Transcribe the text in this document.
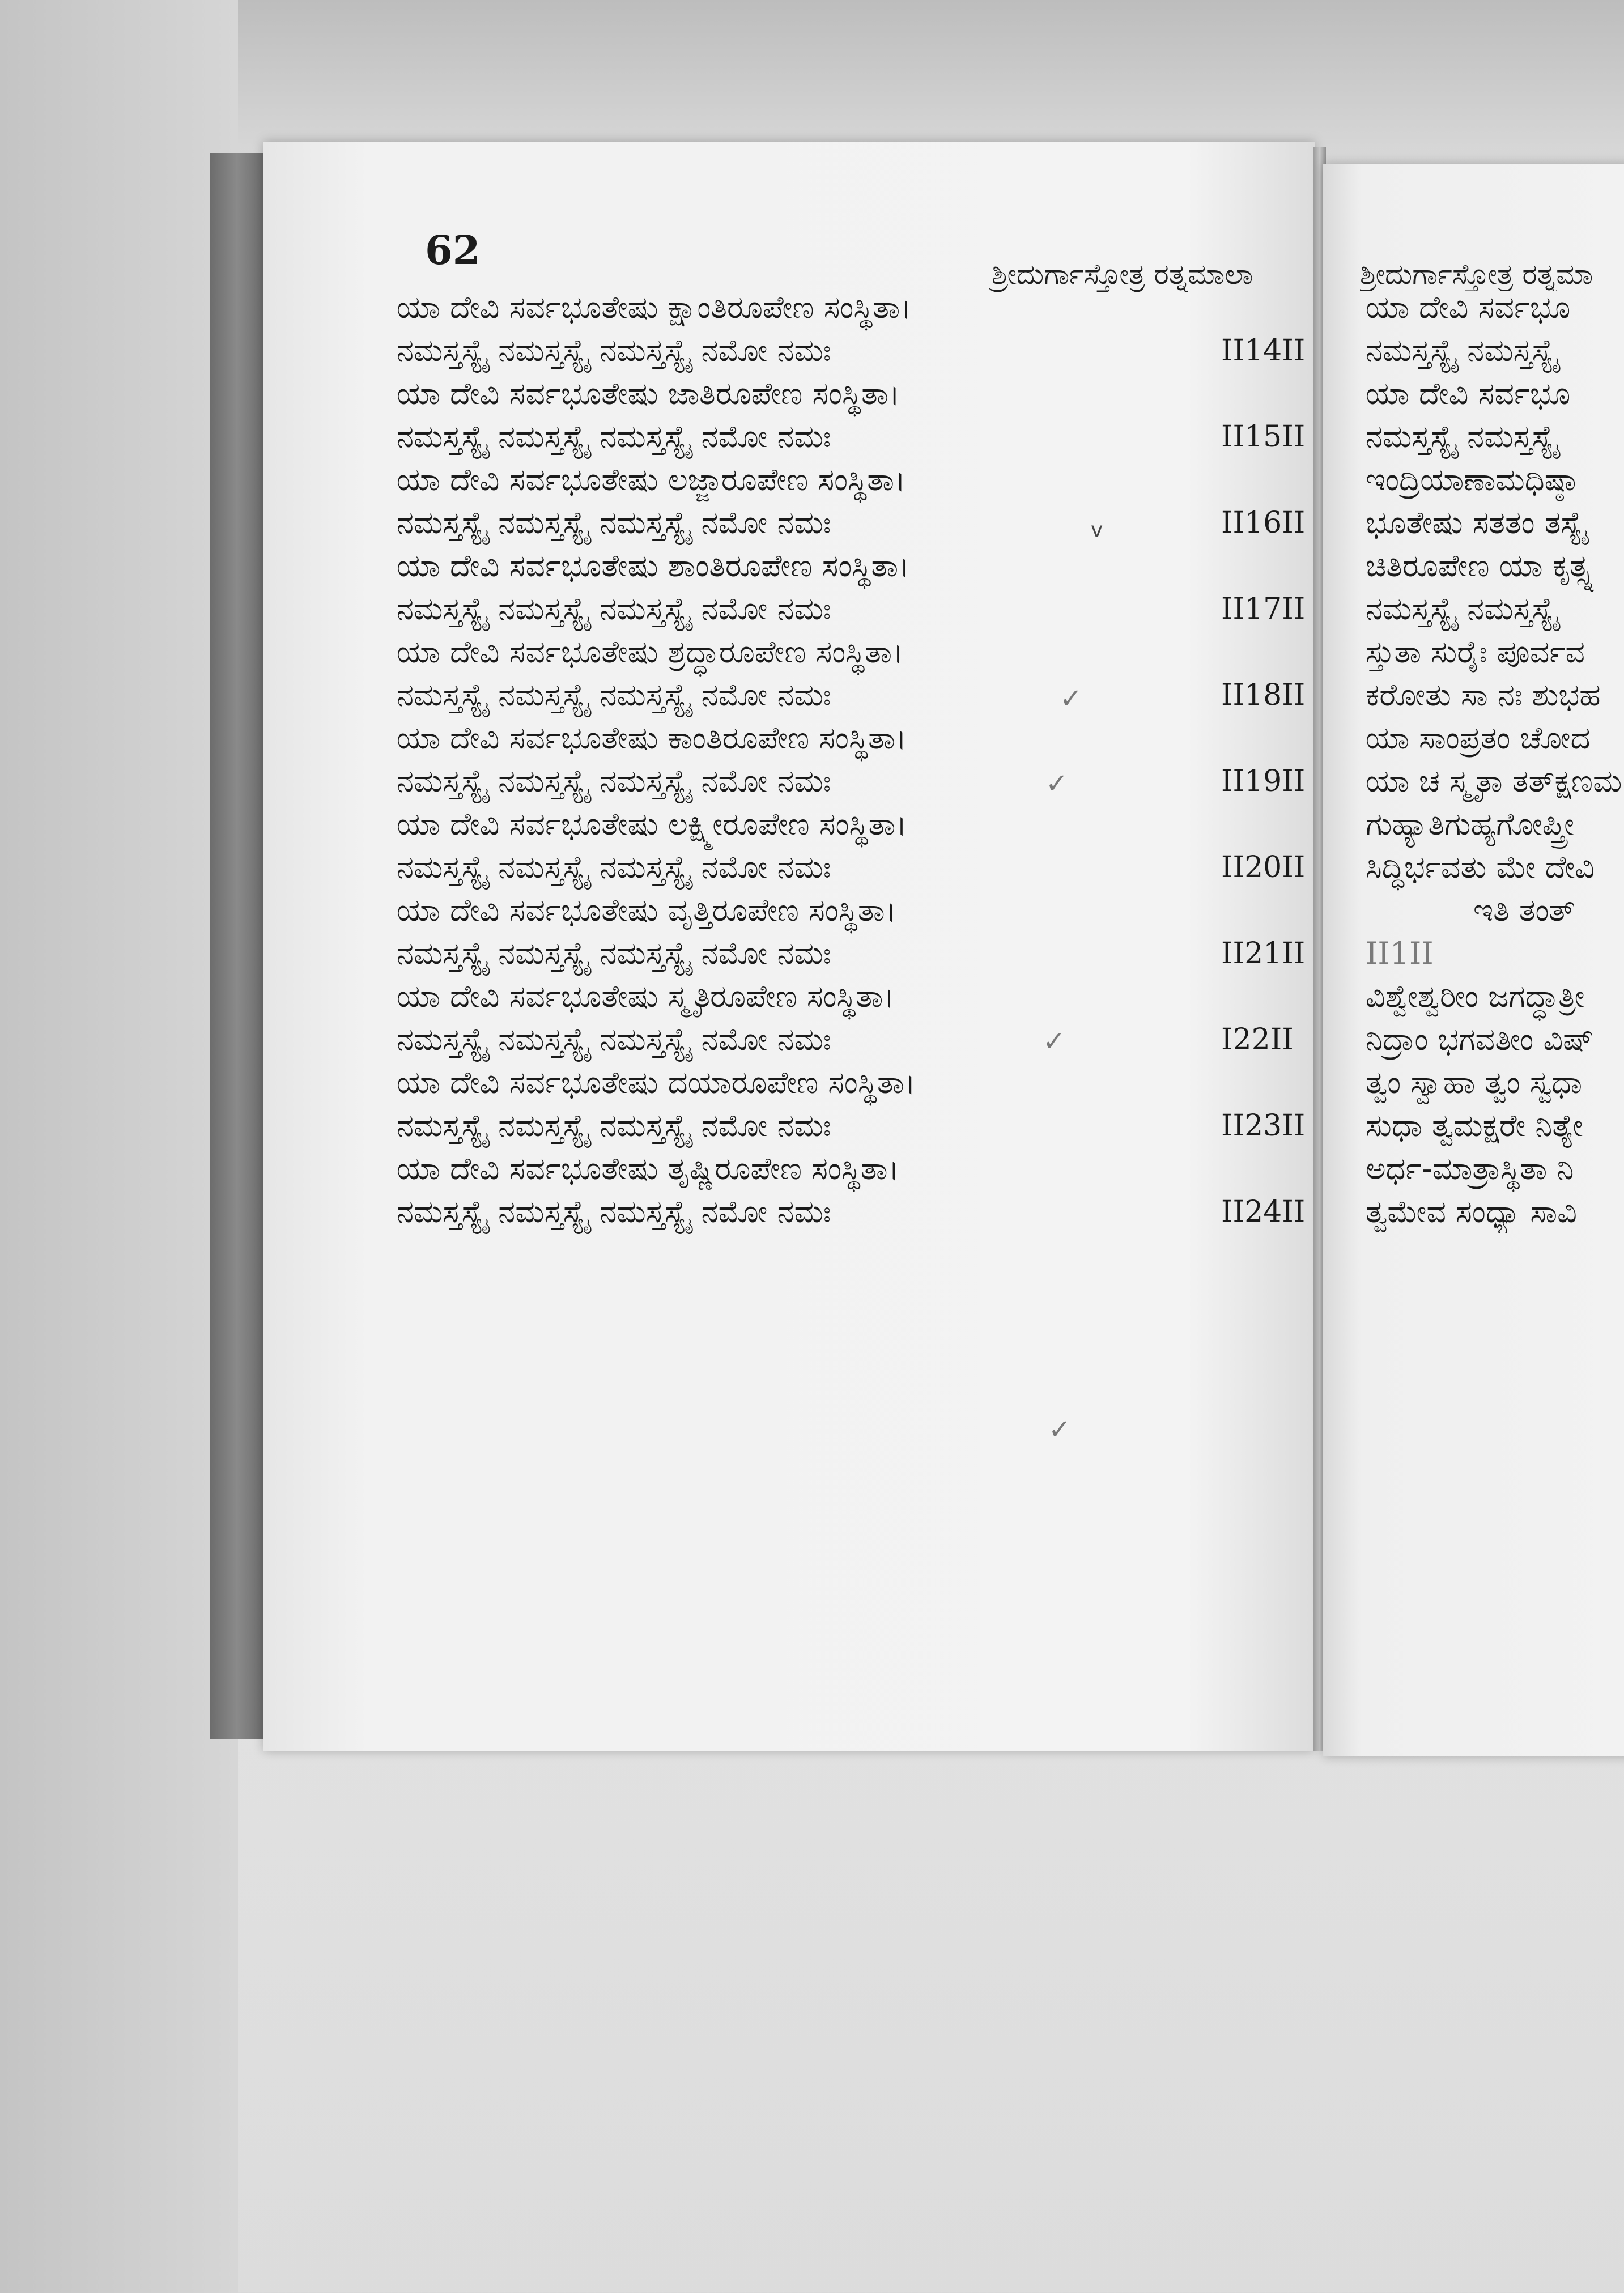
62
ಶ್ರೀದುರ್ಗಾಸ್ತೋತ್ರ ರತ್ನಮಾಲಾ
ಯಾ ದೇವಿ ಸರ್ವಭೂತೇಷು ಕ್ಷಾಂತಿರೂಪೇಣ ಸಂಸ್ಥಿತಾ।
ನಮಸ್ತಸ್ಯೈ ನಮಸ್ತಸ್ಯೈ ನಮಸ್ತಸ್ಯೈ ನಮೋ ನಮಃ	II14II
ಯಾ ದೇವಿ ಸರ್ವಭೂತೇಷು ಜಾತಿರೂಪೇಣ ಸಂಸ್ಥಿತಾ।
ನಮಸ್ತಸ್ಯೈ ನಮಸ್ತಸ್ಯೈ ನಮಸ್ತಸ್ಯೈ ನಮೋ ನಮಃ	II15II
ಯಾ ದೇವಿ ಸರ್ವಭೂತೇಷು ಲಜ್ಜಾರೂಪೇಣ ಸಂಸ್ಥಿತಾ।
ನಮಸ್ತಸ್ಯೈ ನಮಸ್ತಸ್ಯೈ ನಮಸ್ತಸ್ಯೈ ನಮೋ ನಮಃ	II16II
ಯಾ ದೇವಿ ಸರ್ವಭೂತೇಷು ಶಾಂತಿರೂಪೇಣ ಸಂಸ್ಥಿತಾ।
ನಮಸ್ತಸ್ಯೈ ನಮಸ್ತಸ್ಯೈ ನಮಸ್ತಸ್ಯೈ ನಮೋ ನಮಃ	II17II
ಯಾ ದೇವಿ ಸರ್ವಭೂತೇಷು ಶ್ರದ್ಧಾರೂಪೇಣ ಸಂಸ್ಥಿತಾ।
ನಮಸ್ತಸ್ಯೈ ನಮಸ್ತಸ್ಯೈ ನಮಸ್ತಸ್ಯೈ ನಮೋ ನಮಃ	II18II
ಯಾ ದೇವಿ ಸರ್ವಭೂತೇಷು ಕಾಂತಿರೂಪೇಣ ಸಂಸ್ಥಿತಾ।
ನಮಸ್ತಸ್ಯೈ ನಮಸ್ತಸ್ಯೈ ನಮಸ್ತಸ್ಯೈ ನಮೋ ನಮಃ	II19II
ಯಾ ದೇವಿ ಸರ್ವಭೂತೇಷು ಲಕ್ಷ್ಮೀರೂಪೇಣ ಸಂಸ್ಥಿತಾ।
ನಮಸ್ತಸ್ಯೈ ನಮಸ್ತಸ್ಯೈ ನಮಸ್ತಸ್ಯೈ ನಮೋ ನಮಃ	II20II
ಯಾ ದೇವಿ ಸರ್ವಭೂತೇಷು ವೃತ್ತಿರೂಪೇಣ ಸಂಸ್ಥಿತಾ।
ನಮಸ್ತಸ್ಯೈ ನಮಸ್ತಸ್ಯೈ ನಮಸ್ತಸ್ಯೈ ನಮೋ ನಮಃ	II21II
ಯಾ ದೇವಿ ಸರ್ವಭೂತೇಷು ಸ್ಮೃತಿರೂಪೇಣ ಸಂಸ್ಥಿತಾ।
ನಮಸ್ತಸ್ಯೈ ನಮಸ್ತಸ್ಯೈ ನಮಸ್ತಸ್ಯೈ ನಮೋ ನಮಃ	I22II
ಯಾ ದೇವಿ ಸರ್ವಭೂತೇಷು ದಯಾರೂಪೇಣ ಸಂಸ್ಥಿತಾ।
ನಮಸ್ತಸ್ಯೈ ನಮಸ್ತಸ್ಯೈ ನಮಸ್ತಸ್ಯೈ ನಮೋ ನಮಃ	II23II
ಯಾ ದೇವಿ ಸರ್ವಭೂತೇಷು ತೃಷ್ಣಿರೂಪೇಣ ಸಂಸ್ಥಿತಾ।
ನಮಸ್ತಸ್ಯೈ ನಮಸ್ತಸ್ಯೈ ನಮಸ್ತಸ್ಯೈ ನಮೋ ನಮಃ	II24II
v
✓
✓
✓
✓
ಶ್ರೀದುರ್ಗಾಸ್ತೋತ್ರ ರತ್ನಮಾ
ಯಾ ದೇವಿ ಸರ್ವಭೂ
ನಮಸ್ತಸ್ಯೈ ನಮಸ್ತಸ್ಯೈ
ಯಾ ದೇವಿ ಸರ್ವಭೂ
ನಮಸ್ತಸ್ಯೈ ನಮಸ್ತಸ್ಯೈ
ಇಂದ್ರಿಯಾಣಾಮಧಿಷ್ಠಾ
ಭೂತೇಷು ಸತತಂ ತಸ್ಯೈ
ಚಿತಿರೂಪೇಣ ಯಾ ಕೃತ್ಸ್ನ
ನಮಸ್ತಸ್ಯೈ ನಮಸ್ತಸ್ಯೈ
ಸ್ತುತಾ ಸುರೈಃ ಪೂರ್ವವ
ಕರೋತು ಸಾ ನಃ ಶುಭಹ
ಯಾ ಸಾಂಪ್ರತಂ ಚೋದ
ಯಾ ಚ ಸ್ಮೃತಾ ತತ್ಕ್ಷಣಮ
ಗುಹ್ಯಾತಿಗುಹ್ಯಗೋಪ್ತ್ರೀ
ಸಿದ್ಧಿರ್ಭವತು ಮೇ ದೇವಿ
ಇತಿ ತಂತ್
II1II
ವಿಶ್ವೇಶ್ವರೀಂ ಜಗದ್ಧಾತ್ರೀ
ನಿದ್ರಾಂ ಭಗವತೀಂ ವಿಷ್
ತ್ವಂ ಸ್ವಾಹಾ ತ್ವಂ ಸ್ವಧಾ
ಸುಧಾ ತ್ವಮಕ್ಷರೇ ನಿತ್ಯೇ
ಅರ್ಧ-ಮಾತ್ರಾಸ್ಥಿತಾ ನಿ
ತ್ವಮೇವ ಸಂಧ್ಯಾ ಸಾವಿ
